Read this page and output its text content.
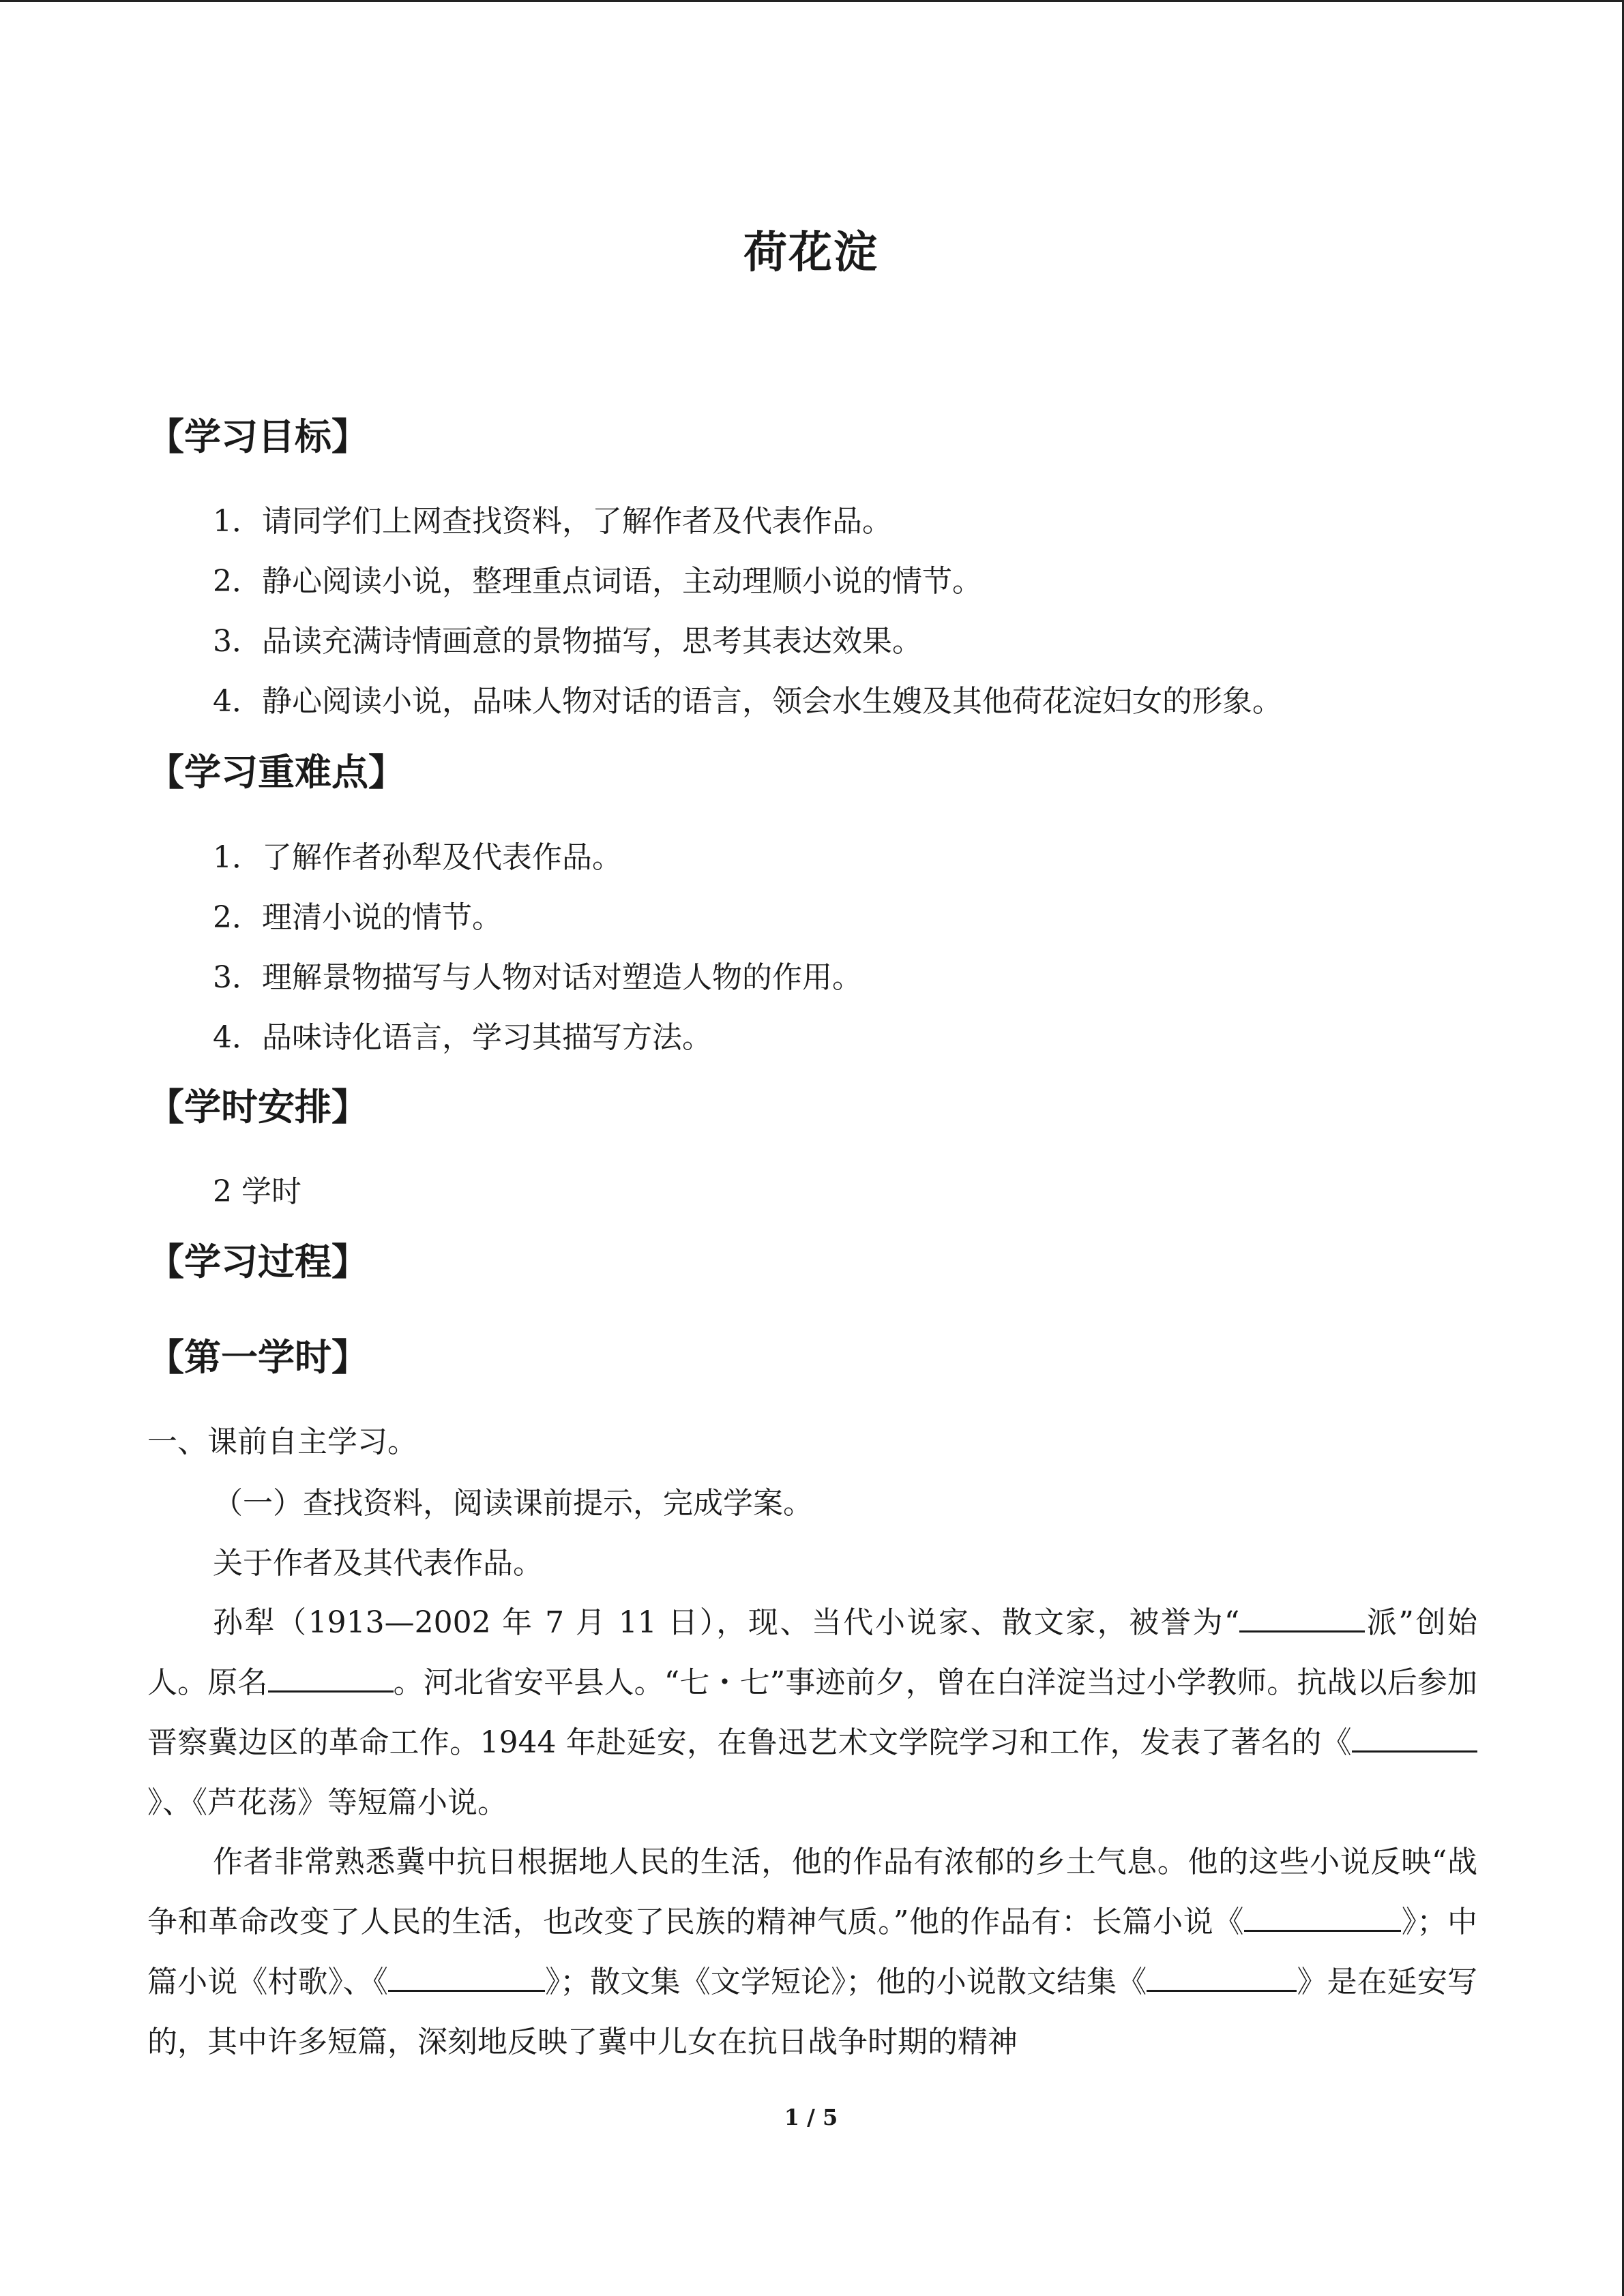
荷花淀
【学习目标】
1．请同学们上网查找资料，了解作者及代表作品。
2．静心阅读小说，整理重点词语，主动理顺小说的情节。
3．品读充满诗情画意的景物描写，思考其表达效果。
4．静心阅读小说，品味人物对话的语言，领会水生嫂及其他荷花淀妇女的形象。
【学习重难点】
1．了解作者孙犁及代表作品。
2．理清小说的情节。
3．理解景物描写与人物对话对塑造人物的作用。
4．品味诗化语言，学习其描写方法。
【学时安排】
2 学时
【学习过程】
【第一学时】
一、课前自主学习。
（一）查找资料，阅读课前提示，完成学案。
关于作者及其代表作品。
孙犁（1913—2002 年 7 月 11 日），现、当代小说家、散文家，被誉为“	派”创始人。原名	。河北省安平县人。“七・七”事迹前夕，曾在白洋淀当过小学教师。抗战以后参加晋察冀边区的革命工作。1944 年赴延安，在鲁迅艺术文学院学习和工作，发表了著名的《》、《芦花荡》等短篇小说。
作者非常熟悉冀中抗日根据地人民的生活，他的作品有浓郁的乡土气息。他的这些小说反映“战争和革命改变了人民的生活，也改变了民族的精神气质。”他的作品有：长篇小说《	》；中篇小说《村歌》、《	》；散文集《文学短论》；他的小说散文结集《	》是在延安写的，其中许多短篇，深刻地反映了冀中儿女在抗日战争时期的精神
1 / 5
